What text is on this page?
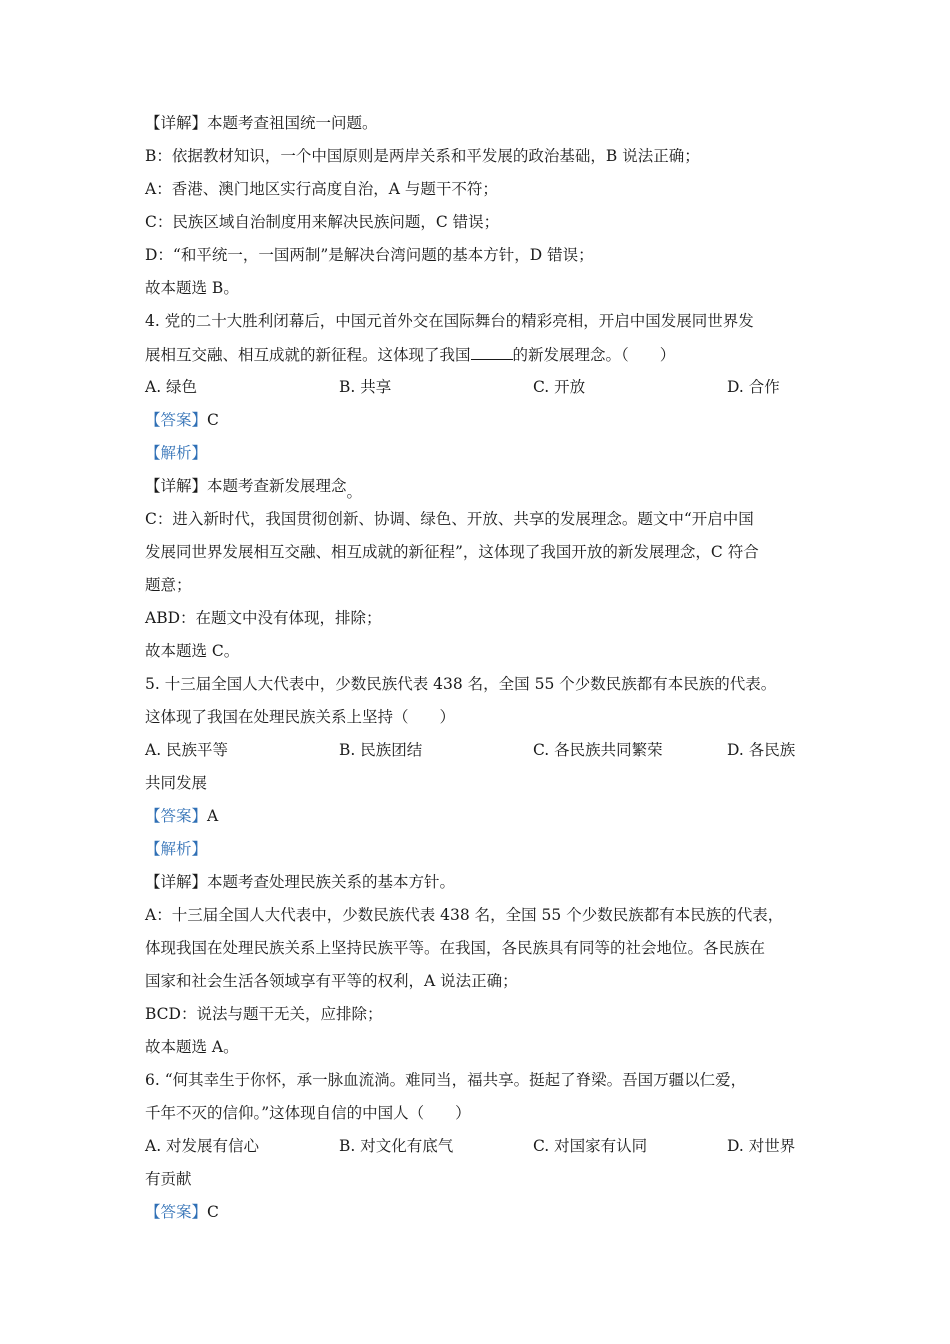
【详解】本题考查祖国统一问题。
B：依据教材知识，一个中国原则是两岸关系和平发展的政治基础，B 说法正确；
A：香港、澳门地区实行高度自治，A 与题干不符；
C：民族区域自治制度用来解决民族问题，C 错误；
D：“和平统一，一国两制”是解决台湾问题的基本方针，D 错误；
故本题选 B。
4. 党的二十大胜利闭幕后，中国元首外交在国际舞台的精彩亮相，开启中国发展同世界发
展相互交融、相互成就的新征程。这体现了我国	的新发展理念。（　　）
A. 绿色	B. 共享	C. 开放	D. 合作
【答案】C
【解析】
【详解】本题考查新发展理念。
C：进入新时代，我国贯彻创新、协调、绿色、开放、共享的发展理念。题文中“开启中国
发展同世界发展相互交融、相互成就的新征程”，这体现了我国开放的新发展理念，C 符合
题意；
ABD：在题文中没有体现，排除；
故本题选 C。
5. 十三届全国人大代表中，少数民族代表 438 名，全国 55 个少数民族都有本民族的代表。
这体现了我国在处理民族关系上坚持（　　）
A. 民族平等	B. 民族团结	C. 各民族共同繁荣	D. 各民族
共同发展
【答案】A
【解析】
【详解】本题考查处理民族关系的基本方针。
A：十三届全国人大代表中，少数民族代表 438 名，全国 55 个少数民族都有本民族的代表，
体现我国在处理民族关系上坚持民族平等。在我国，各民族具有同等的社会地位。各民族在
国家和社会生活各领域享有平等的权利，A 说法正确；
BCD：说法与题干无关，应排除；
故本题选 A。
6. “何其幸生于你怀，承一脉血流淌。难同当，福共享。挺起了脊梁。吾国万疆以仁爱，
千年不灭的信仰。”这体现自信的中国人（　　）
A. 对发展有信心	B. 对文化有底气	C. 对国家有认同	D. 对世界
有贡献
【答案】C
